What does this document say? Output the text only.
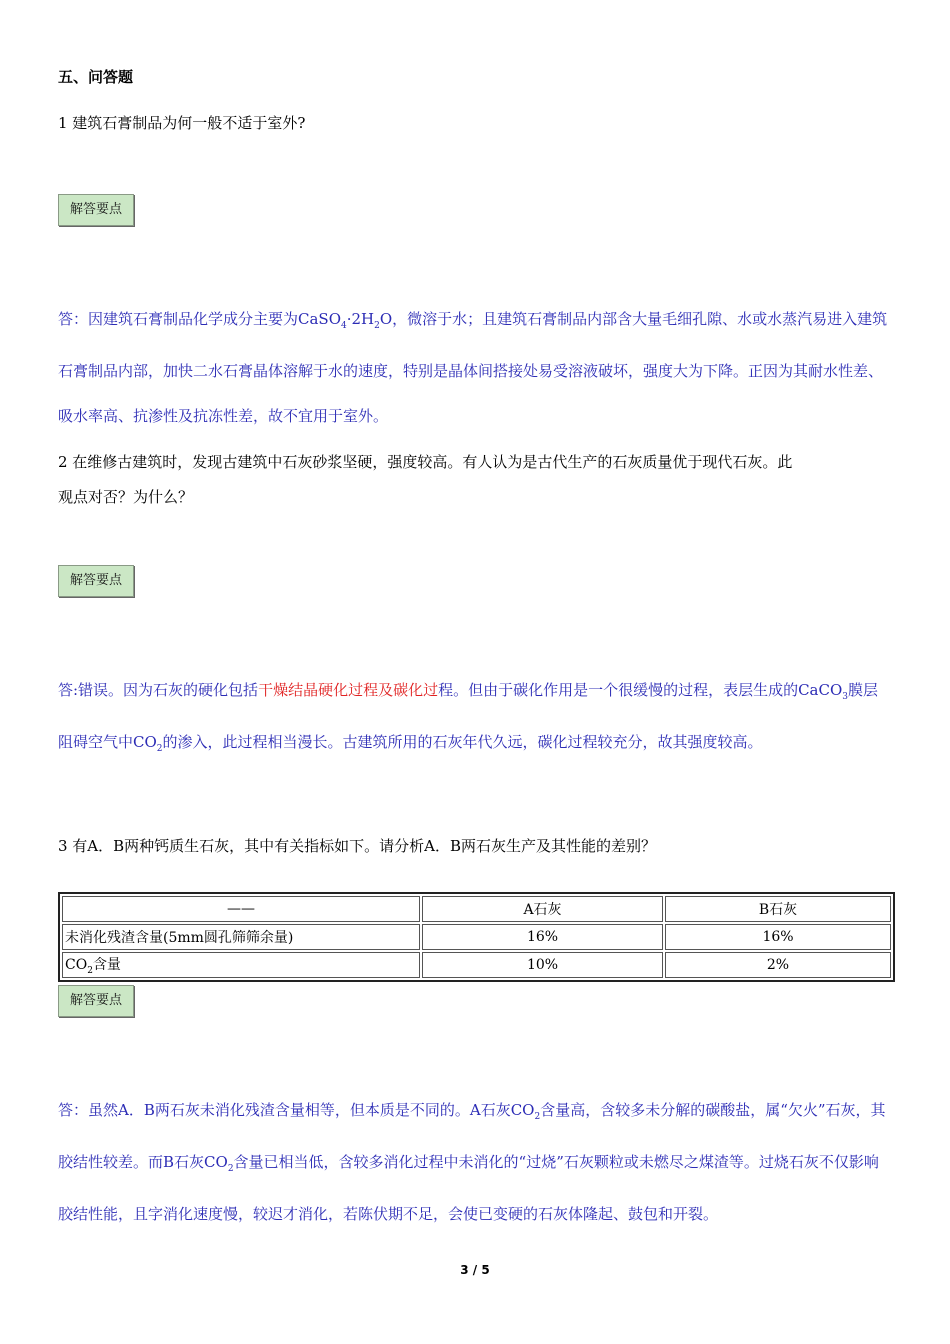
五、问答题
1 建筑石膏制品为何一般不适于室外?
解答要点

答：因建筑石膏制品化学成分主要为$CaSO_4\cdot 2H_2O$，微溶于水；且建筑石膏制品内部含大量毛细孔隙、水或水蒸汽易进入建筑石膏制品内部，加快二水石膏晶体溶解于水的速度，特别是晶体间搭接处易受溶液破坏，强度大为下降。正因为其耐水性差、吸水率高、抗渗性及抗冻性差，故不宜用于室外。

2 在维修古建筑时，发现古建筑中石灰砂浆坚硬，强度较高。有人认为是古代生产的石灰质量优于现代石灰。此
观点对否？为什么？
解答要点

答:错误。因为石灰的硬化包括干燥结晶硬化过程及碳化过程。但由于碳化作用是一个很缓慢的过程，表层生成的CaCO$_3$膜层阻碍空气中$CO_2$的渗入，此过程相当漫长。古建筑所用的石灰年代久远，碳化过程较充分，故其强度较高。

3 有A．B两种钙质生石灰，其中有关指标如下。请分析A．B两石灰生产及其性能的差别？
——	A石灰	B石灰
未消化残渣含量(5mm圆孔筛筛余量)	16%	16%
$CO_2$含量	10%	2%
解答要点

答：虽然A．B两石灰未消化残渣含量相等，但本质是不同的。A石灰$CO_2$含量高，含较多未分解的碳酸盐，属“欠火”石灰，其胶结性较差。而B石灰$CO_2$含量已相当低，含较多消化过程中未消化的“过烧”石灰颗粒或未燃尽之煤渣等。过烧石灰不仅影响胶结性能，且字消化速度慢，较迟才消化，若陈伏期不足，会使已变硬的石灰体隆起、鼓包和开裂。

3 / 5
